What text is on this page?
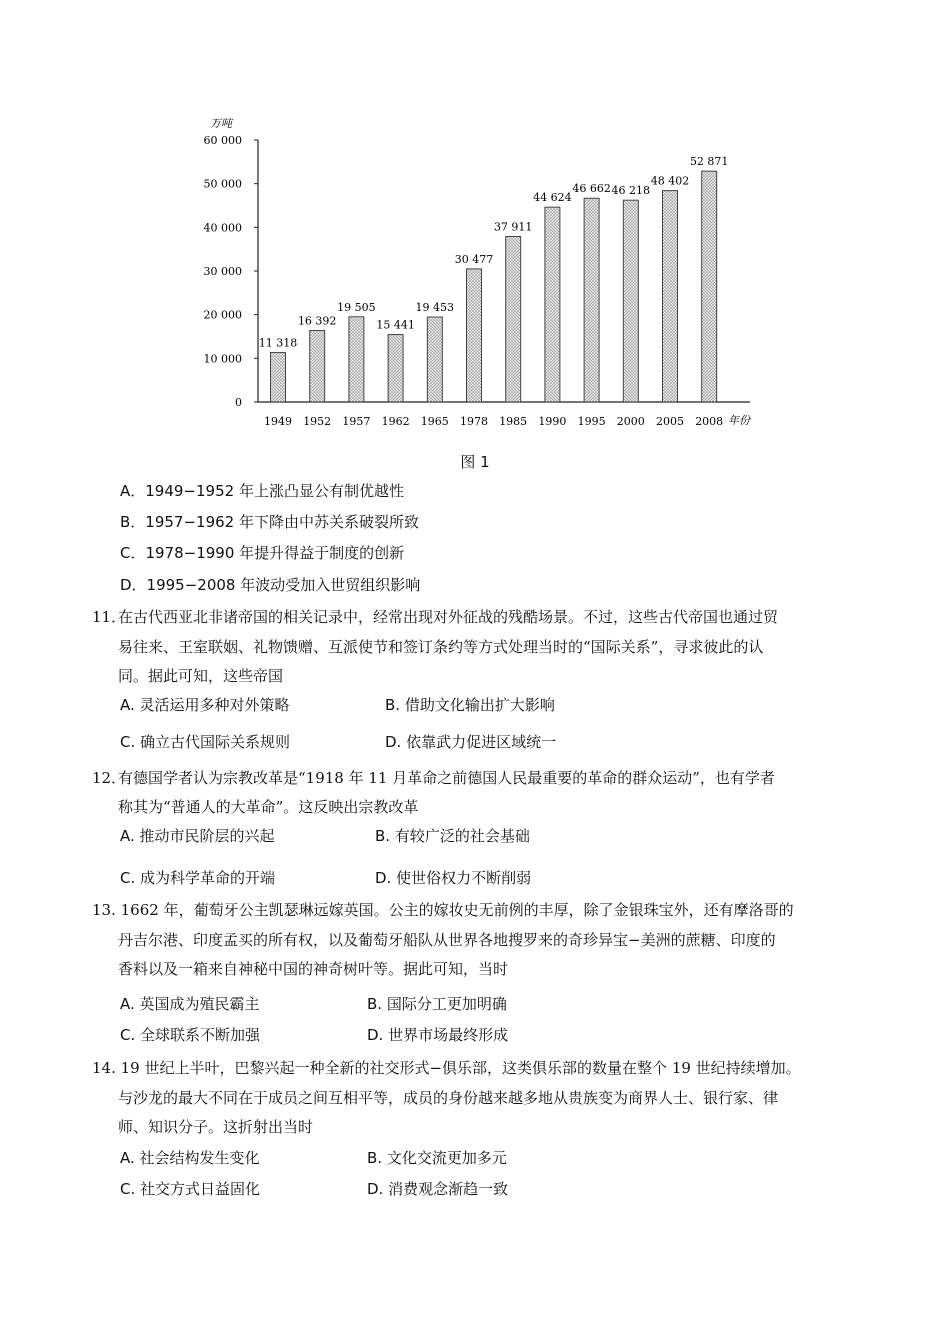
万吨
0
10 000
20 000
30 000
40 000
50 000
60 000
11 318
1949
16 392
1952
19 505
1957
15 441
1962
19 453
1965
30 477
1978
37 911
1985
44 624
1990
46 662
1995
46 218
2000
48 402
2005
52 871
2008 年份
图 1
A．1949−1952 年上涨凸显公有制优越性
B．1957−1962 年下降由中苏关系破裂所致
C．1978−1990 年提升得益于制度的创新
D．1995−2008 年波动受加入世贸组织影响
11．在古代西亚北非诸帝国的相关记录中，经常出现对外征战的残酷场景。不过，这些古代帝国也通过贸
易往来、王室联姻、礼物馈赠、互派使节和签订条约等方式处理当时的“国际关系”，寻求彼此的认
同。据此可知，这些帝国
A. 灵活运用多种对外策略	B. 借助文化输出扩大影响
C. 确立古代国际关系规则	D. 依靠武力促进区域统一
12．有德国学者认为宗教改革是“1918 年 11 月革命之前德国人民最重要的革命的群众运动”，也有学者
称其为“普通人的大革命”。这反映出宗教改革
A. 推动市民阶层的兴起	B. 有较广泛的社会基础
C. 成为科学革命的开端	D. 使世俗权力不断削弱
13. 1662 年，葡萄牙公主凯瑟琳远嫁英国。公主的嫁妆史无前例的丰厚，除了金银珠宝外，还有摩洛哥的
丹吉尔港、印度孟买的所有权，以及葡萄牙船队从世界各地搜罗来的奇珍异宝−美洲的蔗糖、印度的
香料以及一箱来自神秘中国的神奇树叶等。据此可知，当时
A. 英国成为殖民霸主	B. 国际分工更加明确
C. 全球联系不断加强	D. 世界市场最终形成
14. 19 世纪上半叶，巴黎兴起一种全新的社交形式−俱乐部，这类俱乐部的数量在整个 19 世纪持续增加。
与沙龙的最大不同在于成员之间互相平等，成员的身份越来越多地从贵族变为商界人士、银行家、律
师、知识分子。这折射出当时
A. 社会结构发生变化	B. 文化交流更加多元
C. 社交方式日益固化	D. 消费观念渐趋一致
